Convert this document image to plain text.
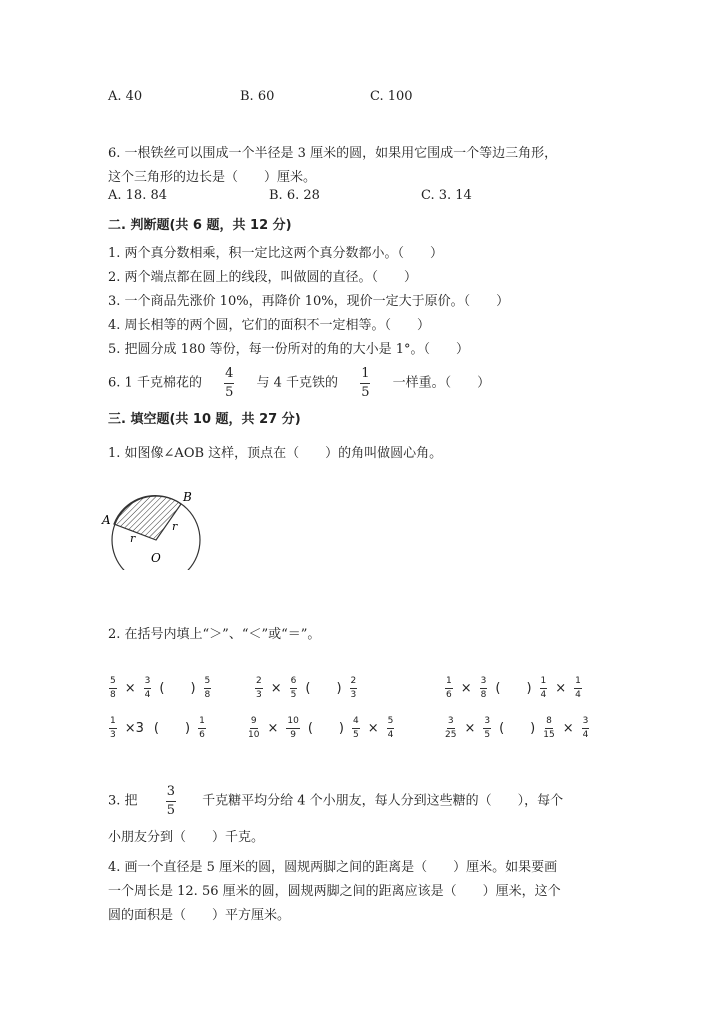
A. 40	B. 60	C. 100
6. 一根铁丝可以围成一个半径是 3 厘米的圆，如果用它围成一个等边三角形，
这个三角形的边长是（　　）厘米。
A. 18. 84	B. 6. 28	C. 3. 14
二. 判断题(共 6 题，共 12 分)
1. 两个真分数相乘，积一定比这两个真分数都小。（　　）
2. 两个端点都在圆上的线段，叫做圆的直径。（　　）
3. 一个商品先涨价 10%，再降价 10%，现价一定大于原价。（　　）
4. 周长相等的两个圆，它们的面积不一定相等。（　　）
5. 把圆分成 180 等份，每一份所对的角的大小是 1°。（　　）
6. 1 千克棉花的 $\frac{4}{5}$ 与 4 千克铁的 $\frac{1}{5}$ 一样重。（　　）
三. 填空题(共 10 题，共 27 分)
1. 如图像∠AOB 这样，顶点在（　　）的角叫做圆心角。
A
B
r
r
O
2. 在括号内填上“＞”、“＜”或“＝”。
$\frac{5}{8} \times \frac{3}{4}$ (　　) $\frac{5}{8}$	$\frac{2}{3} \times \frac{6}{5}$ (　　) $\frac{2}{3}$	$\frac{1}{6} \times \frac{3}{8}$ (　　) $\frac{1}{4} \times \frac{1}{4}$
$\frac{1}{3} \times 3$ (　　) $\frac{1}{6}$	$\frac{9}{10} \times \frac{10}{9}$ (　　) $\frac{4}{5} \times \frac{5}{4}$	$\frac{3}{25} \times \frac{3}{5}$ (　　) $\frac{8}{15} \times \frac{3}{4}$
3. 把 $\frac{3}{5}$ 千克糖平均分给 4 个小朋友，每人分到这些糖的（　　），每个
小朋友分到（　　）千克。
4. 画一个直径是 5 厘米的圆，圆规两脚之间的距离是（　　）厘米。如果要画
一个周长是 12. 56 厘米的圆，圆规两脚之间的距离应该是（　　）厘米，这个
圆的面积是（　　）平方厘米。
